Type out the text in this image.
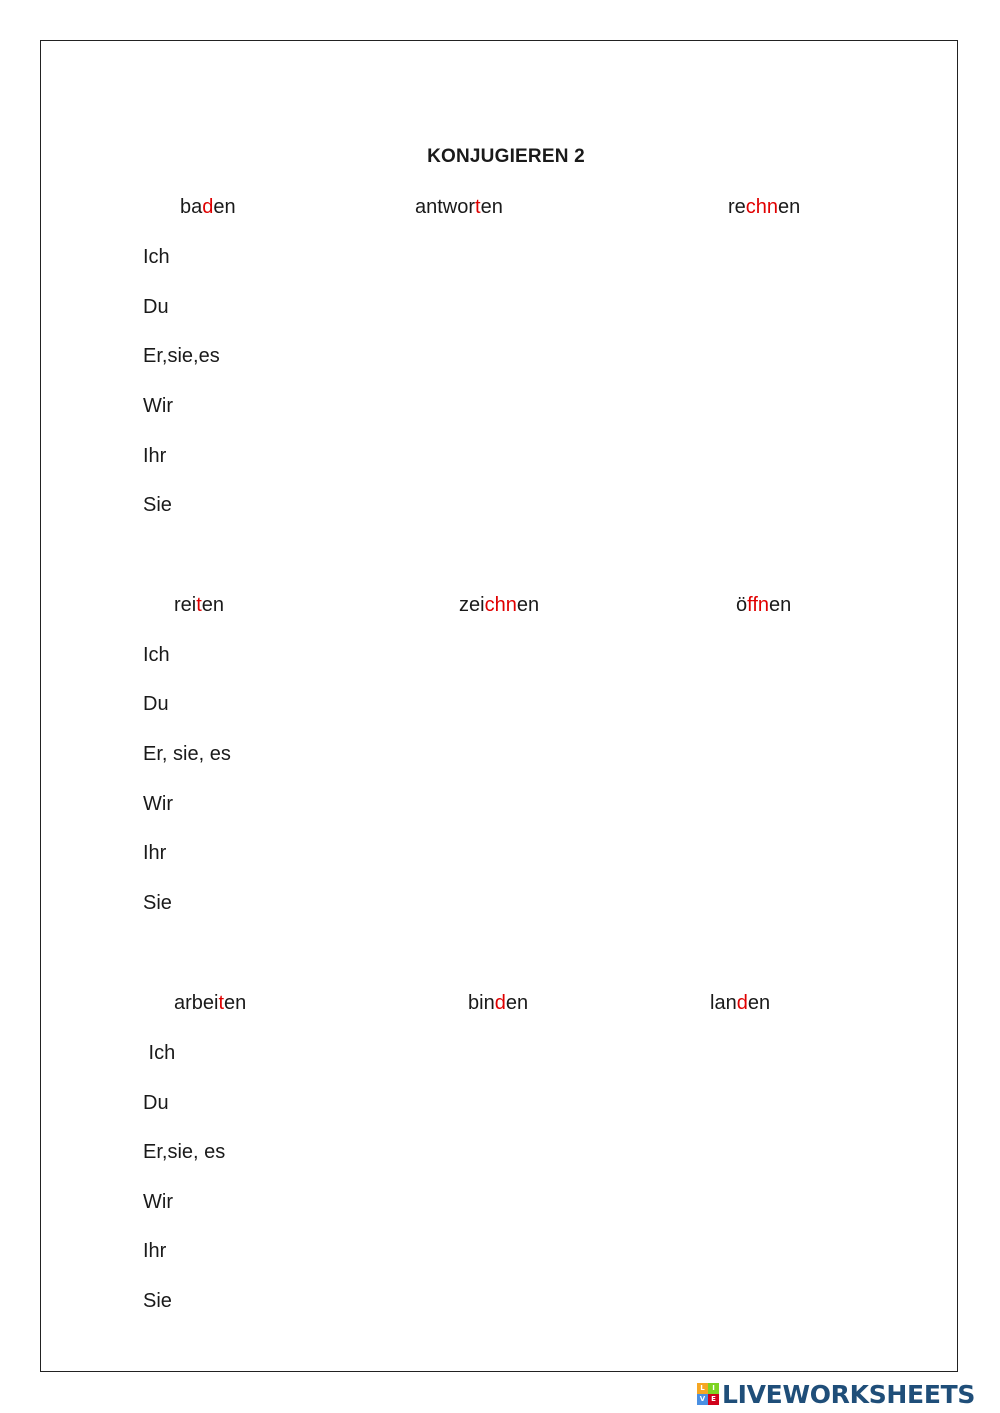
KONJUGIEREN 2
baden	antworten	rechnen
Ich
Du
Er,sie,es
Wir
Ihr
Sie
reiten	zeichnen	öffnen
Ich
Du
Er, sie, es
Wir
Ihr
Sie
arbeiten	binden	landen
Ich
Du
Er,sie, es
Wir
Ihr
Sie
L	I
V E LIVEWORKSHEETS
